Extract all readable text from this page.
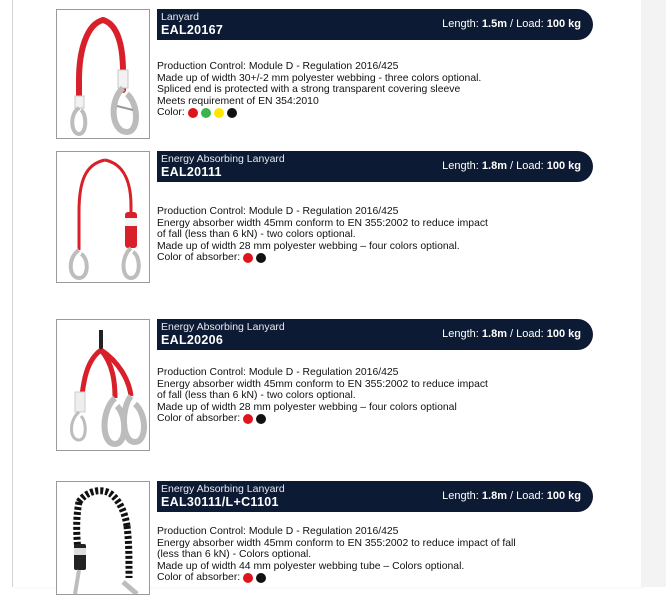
Lanyard
EAL20167	Length: 1.5m / Load: 100 kg
Production Control: Module D - Regulation 2016/425
Made up of width 30+/-2 mm polyester webbing - three colors optional.
Spliced end is protected with a strong transparent covering sleeve
Meets requirement of EN 354:2010
Color:
Energy Absorbing Lanyard
EAL20111	Length: 1.8m / Load: 100 kg
Production Control: Module D - Regulation 2016/425
Energy absorber width 45mm conform to EN 355:2002 to reduce impact
of fall (less than 6 kN) - two colors optional.
Made up of width 28 mm polyester webbing – four colors optional.
Color of absorber:
Energy Absorbing Lanyard
EAL20206	Length: 1.8m / Load: 100 kg
Production Control: Module D - Regulation 2016/425
Energy absorber width 45mm conform to EN 355:2002 to reduce impact
of fall (less than 6 kN) - two colors optional.
Made up of width 28 mm polyester webbing – four colors optional
Color of absorber:
Energy Absorbing Lanyard
EAL30111/L+C1101	Length: 1.8m / Load: 100 kg
Production Control: Module D - Regulation 2016/425
Energy absorber width 45mm conform to EN 355:2002 to reduce impact of fall
(less than 6 kN) - Colors optional.
Made up of width 44 mm polyester webbing tube – Colors optional.
Color of absorber:
